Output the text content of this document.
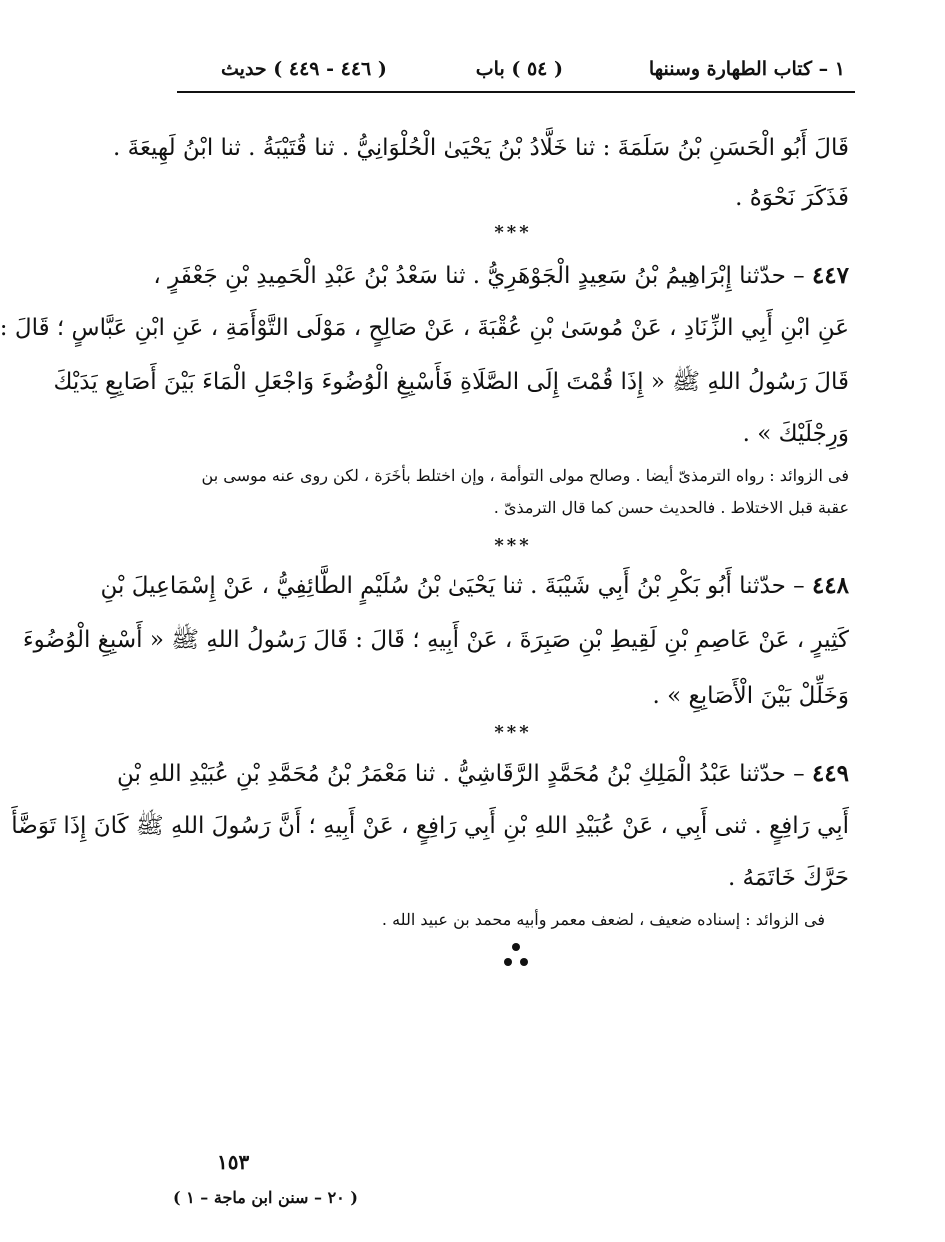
١ – كتاب الطهارة وسننها
( ٥٤ ) باب
( ٤٤٦ - ٤٤٩ ) حديث
قَالَ أَبُو الْحَسَنِ بْنُ سَلَمَةَ : ثنا خَلَّادُ بْنُ يَحْيَىٰ الْحُلْوَانِيُّ . ثنا قُتَيْبَةُ . ثنا ابْنُ لَهِيعَةَ .
فَذَكَرَ نَحْوَهُ .
***
٤٤٧ – حدّثنا إِبْرَاهِيمُ بْنُ سَعِيدٍ الْجَوْهَرِيُّ . ثنا سَعْدُ بْنُ عَبْدِ الْحَمِيدِ بْنِ جَعْفَرٍ ،
عَنِ ابْنِ أَبِي الزِّنَادِ ، عَنْ مُوسَىٰ بْنِ عُقْبَةَ ، عَنْ صَالِحٍ ، مَوْلَى التَّوْأَمَةِ ، عَنِ ابْنِ عَبَّاسٍ ؛ قَالَ :
قَالَ رَسُولُ اللهِ ﷺ « إِذَا قُمْتَ إِلَى الصَّلَاةِ فَأَسْبِغِ الْوُضُوءَ وَاجْعَلِ الْمَاءَ بَيْنَ أَصَابِعِ يَدَيْكَ
وَرِجْلَيْكَ » .
فى الزوائد : رواه الترمذىّ أيضا . وصالح مولى التوأمة ، وإن اختلط بأخَرَة ، لكن روى عنه موسى بن
عقبة قبل الاختلاط . فالحديث حسن كما قال الترمذىّ .
***
٤٤٨ – حدّثنا أَبُو بَكْرِ بْنُ أَبِي شَيْبَةَ . ثنا يَحْيَىٰ بْنُ سُلَيْمٍ الطَّائِفِيُّ ، عَنْ إِسْمَاعِيلَ بْنِ
كَثِيرٍ ، عَنْ عَاصِمِ بْنِ لَقِيطِ بْنِ صَبِرَةَ ، عَنْ أَبِيهِ ؛ قَالَ : قَالَ رَسُولُ اللهِ ﷺ « أَسْبِغِ الْوُضُوءَ
وَخَلِّلْ بَيْنَ الْأَصَابِعِ » .
***
٤٤٩ – حدّثنا عَبْدُ الْمَلِكِ بْنُ مُحَمَّدٍ الرَّقَاشِيُّ . ثنا مَعْمَرُ بْنُ مُحَمَّدِ بْنِ عُبَيْدِ اللهِ بْنِ
أَبِي رَافِعٍ . ثنى أَبِي ، عَنْ عُبَيْدِ اللهِ بْنِ أَبِي رَافِعٍ ، عَنْ أَبِيهِ ؛ أَنَّ رَسُولَ اللهِ ﷺ كَانَ إِذَا تَوَضَّأَ
حَرَّكَ خَاتَمَهُ .
فى الزوائد : إسناده ضعيف ، لضعف معمر وأبيه محمد بن عبيد الله .
١٥٣
( ٢٠ – سنن ابن ماجة – ١ )
